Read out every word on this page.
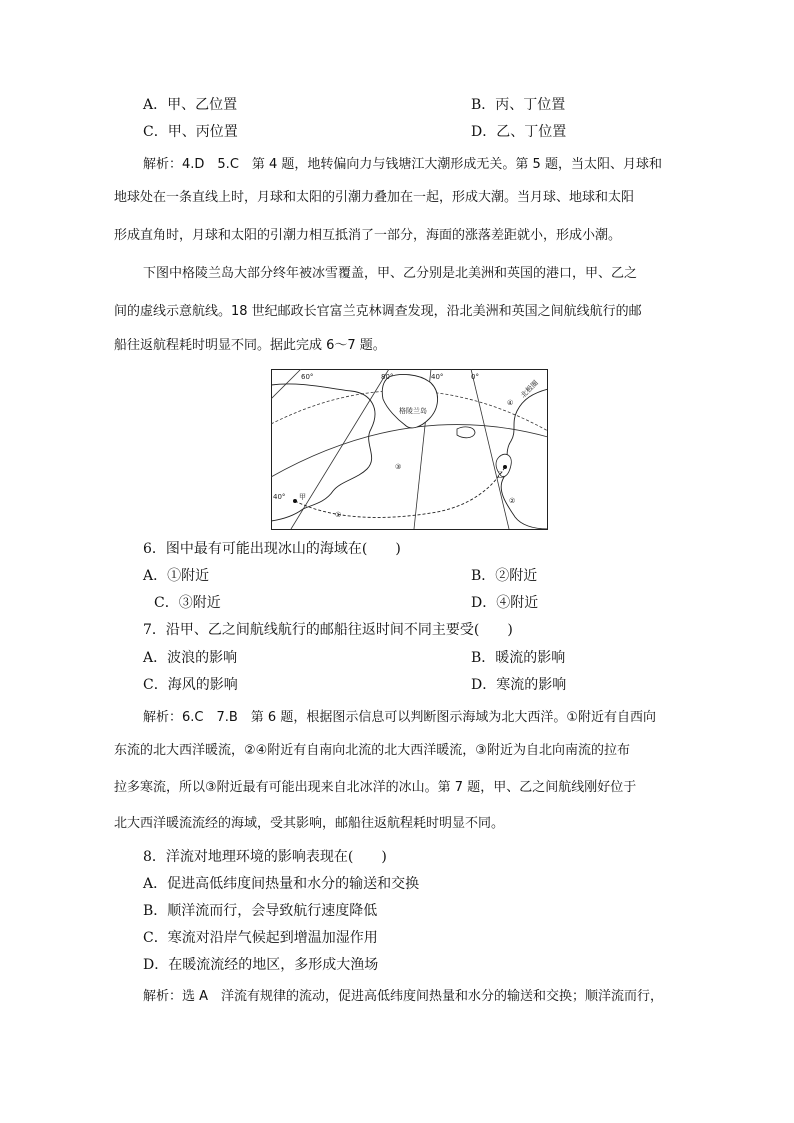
A．甲、乙位置	B．丙、丁位置
C．甲、丙位置	D．乙、丁位置
解析：4.D　5.C　第 4 题，地转偏向力与钱塘江大潮形成无关。第 5 题，当太阳、月球和
地球处在一条直线上时，月球和太阳的引潮力叠加在一起，形成大潮。当月球、地球和太阳
形成直角时，月球和太阳的引潮力相互抵消了一部分，海面的涨落差距就小，形成小潮。
下图中格陵兰岛大部分终年被冰雪覆盖，甲、乙分别是北美洲和英国的港口，甲、乙之
间的虚线示意航线。18 世纪邮政长官富兰克林调查发现，沿北美洲和英国之间航线航行的邮
船往返航程耗时明显不同。据此完成 6～7 题。
80°
60°	40°	0°
40°
北极圈
格陵兰岛
甲
乙
①
②
③
④
6．图中最有可能出现冰山的海域在(　　)
A．①附近	B．②附近
C．③附近	D．④附近
7．沿甲、乙之间航线航行的邮船往返时间不同主要受(　　)
A．波浪的影响	B．暖流的影响
C．海风的影响	D．寒流的影响
解析：6.C　7.B　第 6 题，根据图示信息可以判断图示海域为北大西洋。①附近有自西向
东流的北大西洋暖流，②④附近有自南向北流的北大西洋暖流，③附近为自北向南流的拉布
拉多寒流，所以③附近最有可能出现来自北冰洋的冰山。第 7 题，甲、乙之间航线刚好位于
北大西洋暖流流经的海域，受其影响，邮船往返航程耗时明显不同。
8．洋流对地理环境的影响表现在(　　)
A．促进高低纬度间热量和水分的输送和交换
B．顺洋流而行，会导致航行速度降低
C．寒流对沿岸气候起到增温加湿作用
D．在暖流流经的地区，多形成大渔场
解析：选 A　洋流有规律的流动，促进高低纬度间热量和水分的输送和交换；顺洋流而行，
